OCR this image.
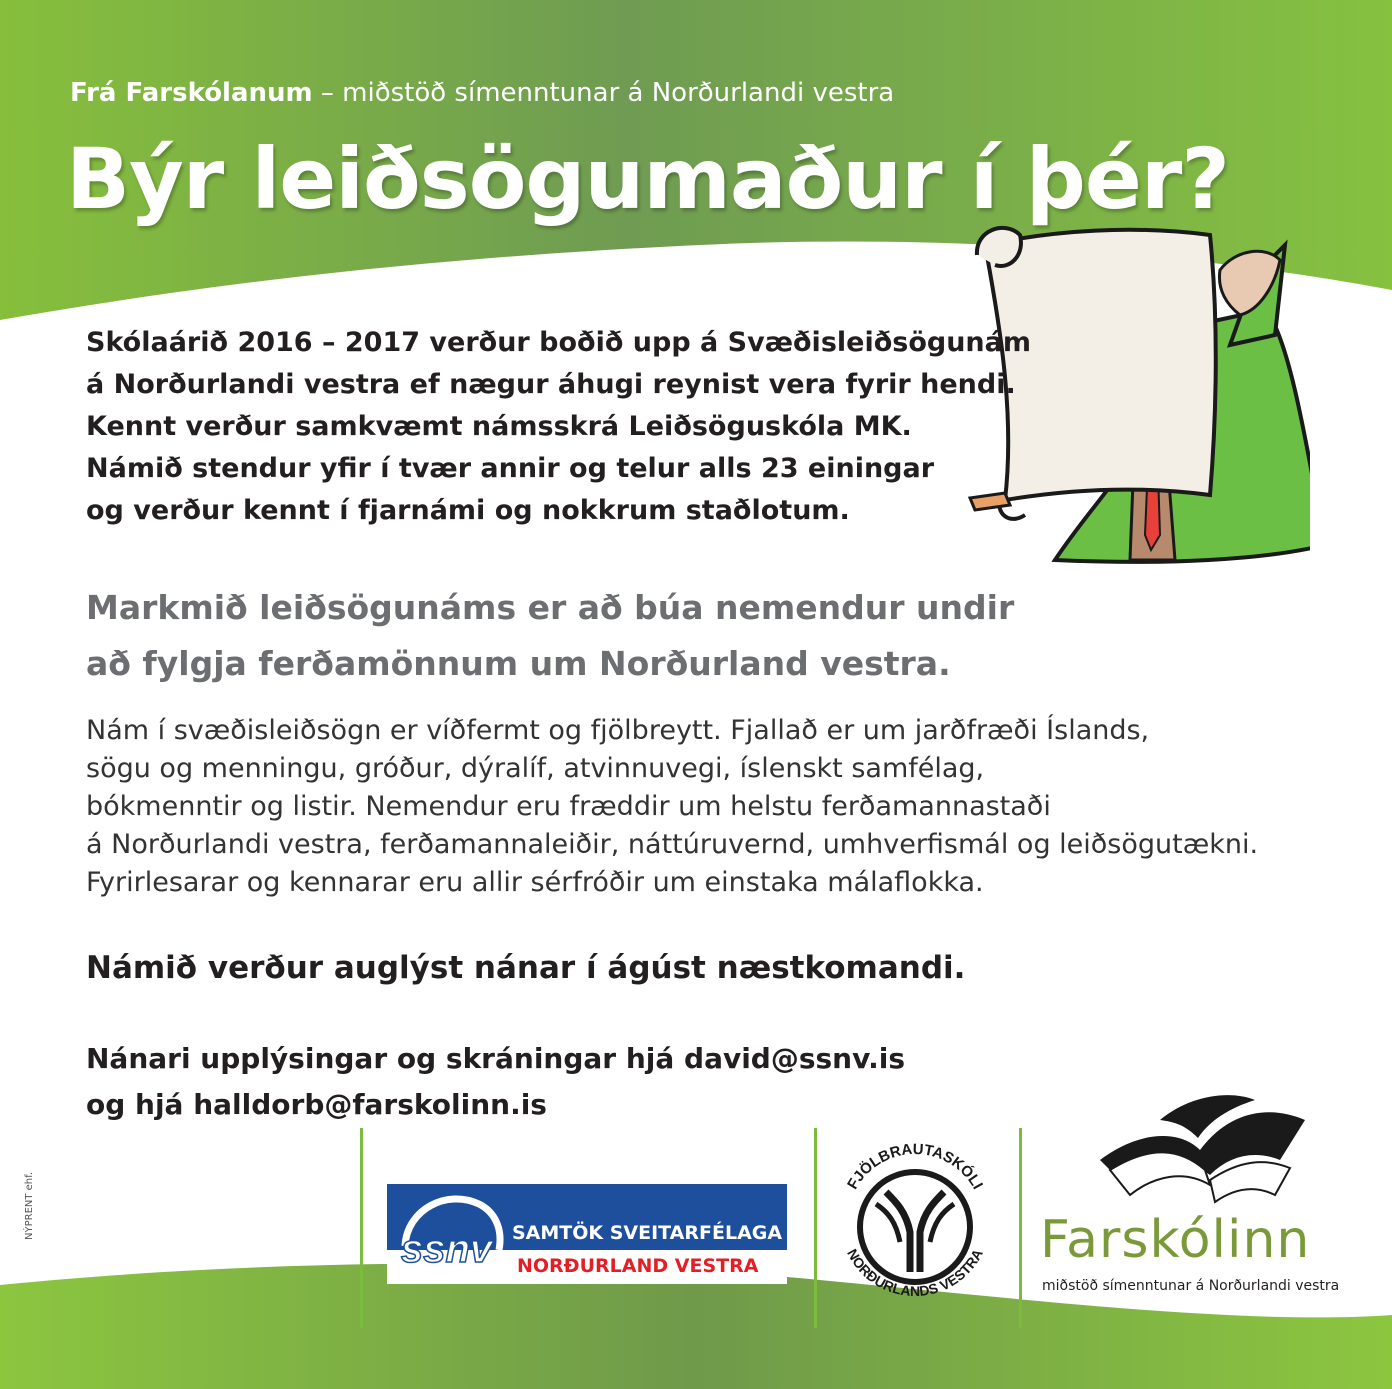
Frá Farskólanum – miðstöð símenntunar á Norðurlandi vestra
Býr leiðsögumaður í þér?

Skólaárið 2016 – 2017 verður boðið upp á Svæðisleiðsögunám

á Norðurlandi vestra ef nægur áhugi reynist vera fyrir hendi.

Kennt verður samkvæmt námsskrá Leiðsöguskóla MK.

Námið stendur yfir í tvær annir og telur alls 23 einingar

og verður kennt í fjarnámi og nokkrum staðlotum.

Markmið leiðsögunáms er að búa nemendur undir

að fylgja ferðamönnum um Norðurland vestra.

Nám í svæðisleiðsögn er víðfermt og fjölbreytt. Fjallað er um jarðfræði Íslands,

sögu og menningu, gróður, dýralíf, atvinnuvegi, íslenskt samfélag,

bókmenntir og listir. Nemendur eru fræddir um helstu ferðamannastaði

á Norðurlandi vestra, ferðamannaleiðir, náttúruvernd, umhverfismál og leiðsögutækni.

Fyrirlesarar og kennarar eru allir sérfróðir um einstaka málaflokka.

Námið verður auglýst nánar í ágúst næstkomandi.

Nánari upplýsingar og skráningar hjá david@ssnv.is

og hjá halldorb@farskolinn.is

NÝPRENT ehf.
ssnv SAMTÖK SVEITARFÉLAGA
NORÐURLAND VESTRA
FJÖLBRAUTASKÓLI
NORÐURLANDS VESTRA Farskólinn
miðstöð símenntunar á Norðurlandi vestra
